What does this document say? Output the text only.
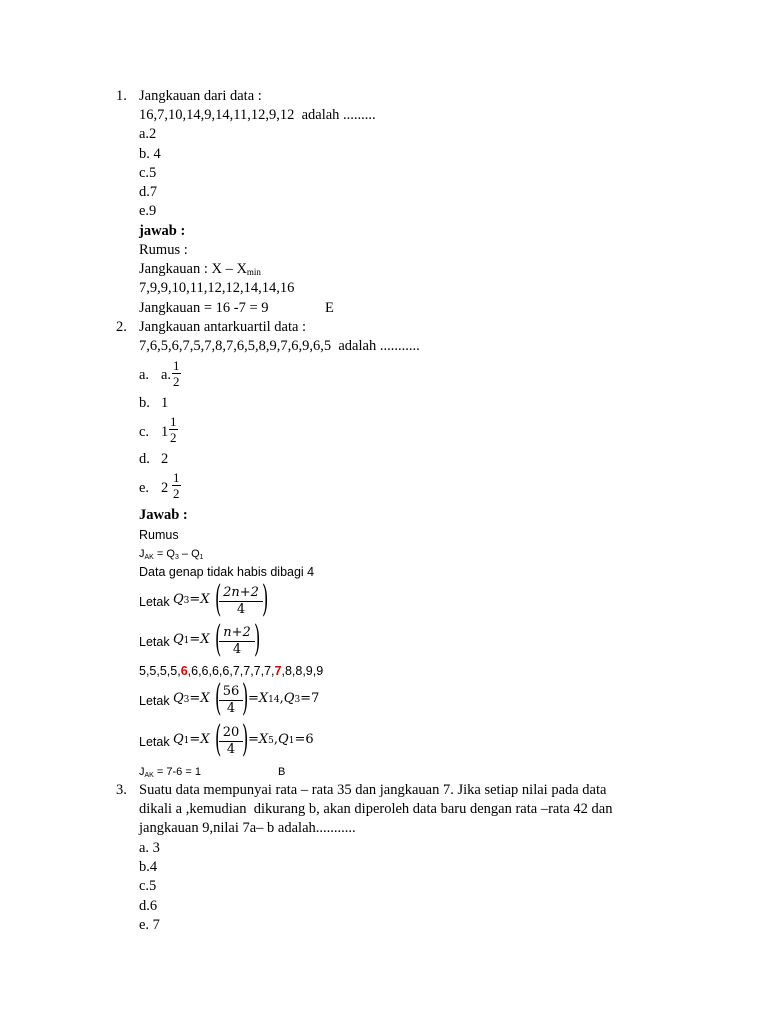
1. Jangkauan dari data :
16,7,10,14,9,14,11,12,9,12  adalah .........
a.2
b. 4
c.5
d.7
e.9
jawab :
Rumus :
Jangkauan : X – $X_{min}$
7,9,9,10,11,12,12,14,14,16
Jangkauan = 16 -7 = 9	E
2. Jangkauan antarkuartil data :
7,6,5,6,7,5,7,8,7,6,5,8,9,7,6,9,6,5  adalah ...........
a. a. $\frac{1}{2}$
b. 1
c. $1 \frac{1}{2}$
d. 2
e. $2 \frac{1}{2}$
Jawab :
Rumus
$J_{AK} = Q_3 - Q_1$
Data genap tidak habis dibagi 4
Letak Q3=X ( 2n+2
4 )
Letak Q1=X ( n+2
4 )
5,5,5,5,6,6,6,6,6,7,7,7,7,7,8,8,9,9
Letak Q3=X ( 56
4 ) =X14,Q3=7
Letak Q1=X ( 20
4 ) =X5,Q1=6
$J_{AK} = 7-6 = 1$	B
3. Suatu data mempunyai rata – rata 35 dan jangkauan 7. Jika setiap nilai pada data
dikali a ,kemudian  dikurang b, akan diperoleh data baru dengan rata –rata 42 dan
jangkauan 9,nilai 7a– b adalah...........
a. 3
b.4
c.5
d.6
e. 7
